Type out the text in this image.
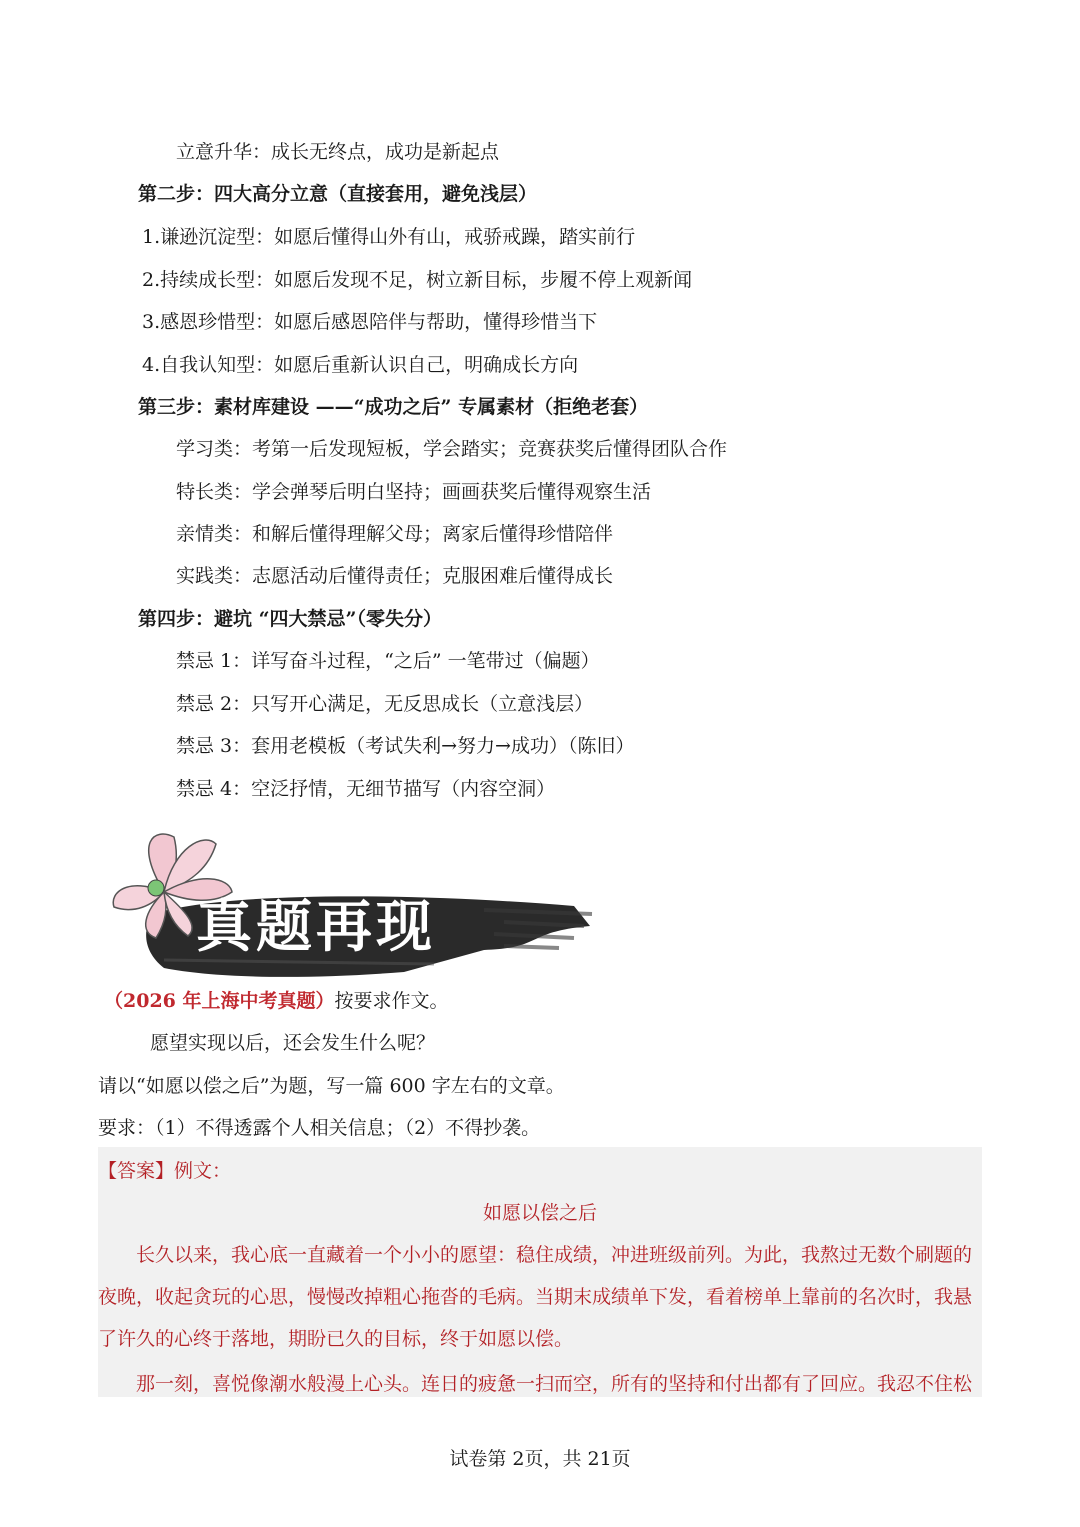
立意升华：成长无终点，成功是新起点
第二步：四大高分立意（直接套用，避免浅层）
1.谦逊沉淀型：如愿后懂得山外有山，戒骄戒躁，踏实前行
2.持续成长型：如愿后发现不足，树立新目标，步履不停上观新闻
3.感恩珍惜型：如愿后感恩陪伴与帮助，懂得珍惜当下
4.自我认知型：如愿后重新认识自己，明确成长方向
第三步：素材库建设 ——“成功之后” 专属素材（拒绝老套）
学习类：考第一后发现短板，学会踏实；竞赛获奖后懂得团队合作
特长类：学会弹琴后明白坚持；画画获奖后懂得观察生活
亲情类：和解后懂得理解父母；离家后懂得珍惜陪伴
实践类：志愿活动后懂得责任；克服困难后懂得成长
第四步：避坑 “四大禁忌”（零失分）
禁忌 1：详写奋斗过程，“之后” 一笔带过（偏题）
禁忌 2：只写开心满足，无反思成长（立意浅层）
禁忌 3：套用老模板（考试失利→努力→成功）（陈旧）
禁忌 4：空泛抒情，无细节描写（内容空洞）
真题再现
（2026 年上海中考真题）按要求作文。
愿望实现以后，还会发生什么呢？
请以“如愿以偿之后”为题，写一篇 600 字左右的文章。
要求：（1）不得透露个人相关信息；（2）不得抄袭。
【答案】例文：
如愿以偿之后
长久以来，我心底一直藏着一个小小的愿望：稳住成绩，冲进班级前列。为此，我熬过无数个刷题的夜晚，收起贪玩的心思，慢慢改掉粗心拖沓的毛病。当期末成绩单下发，看着榜单上靠前的名次时，我悬了许久的心终于落地，期盼已久的目标，终于如愿以偿。
那一刻，喜悦像潮水般漫上心头。连日的疲惫一扫而空，所有的坚持和付出都有了回应。我忍不住松
试卷第 2页，共 21页
